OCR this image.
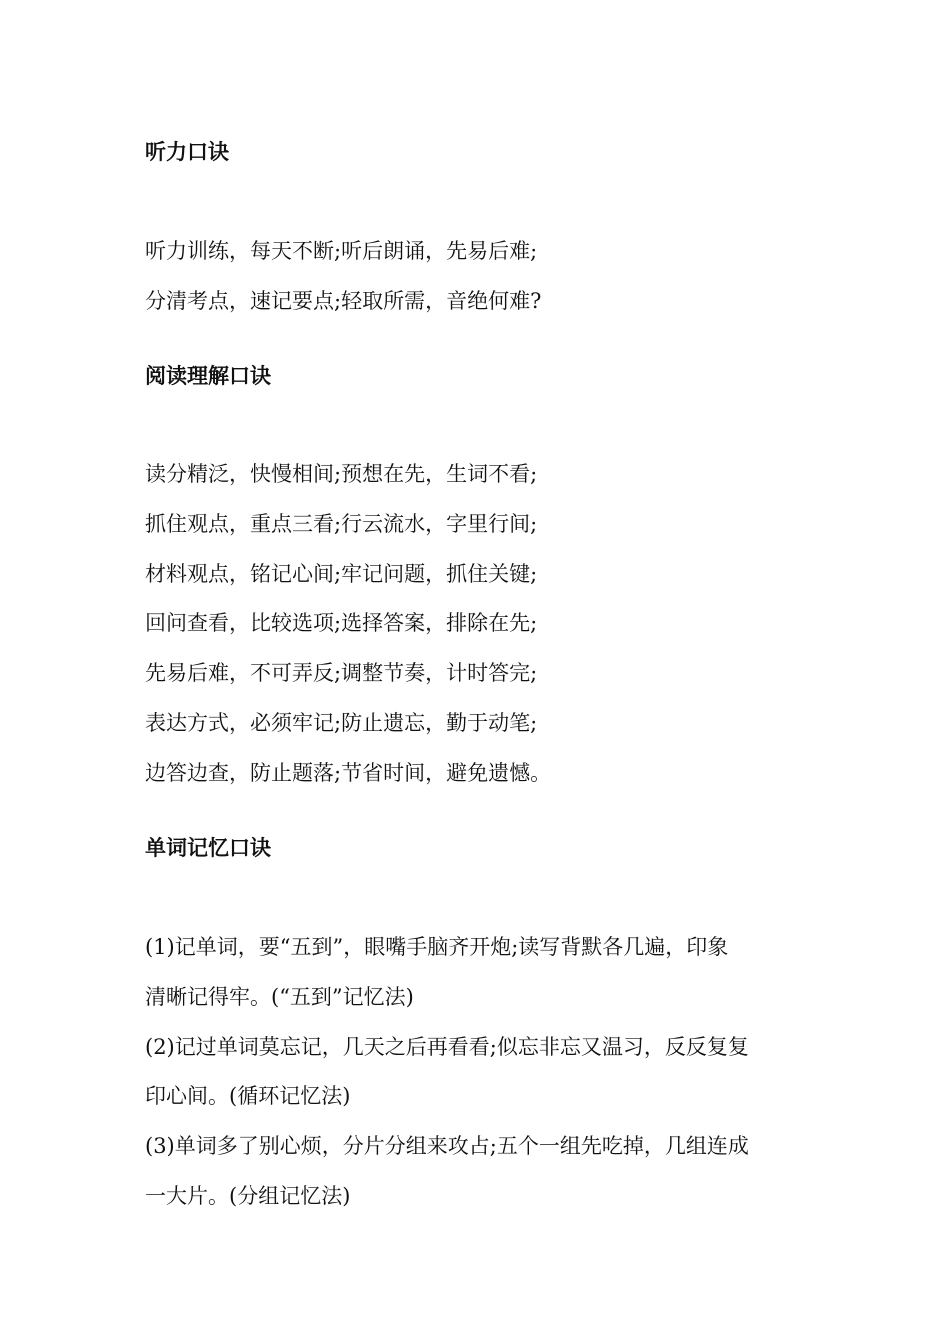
听力口诀

听力训练，每天不断;听后朗诵，先易后难;

分清考点，速记要点;轻取所需，音绝何难?

阅读理解口诀

读分精泛，快慢相间;预想在先，生词不看;

抓住观点，重点三看;行云流水，字里行间;

材料观点，铭记心间;牢记问题，抓住关键;

回问查看，比较选项;选择答案，排除在先;

先易后难，不可弄反;调整节奏，计时答完;

表达方式，必须牢记;防止遗忘，勤于动笔;

边答边查，防止题落;节省时间，避免遗憾。

单词记忆口诀

(1)记单词，要“五到”，眼嘴手脑齐开炮;读写背默各几遍，印象

清晰记得牢。(“五到”记忆法)

(2)记过单词莫忘记，几天之后再看看;似忘非忘又温习，反反复复

印心间。(循环记忆法)

(3)单词多了别心烦，分片分组来攻占;五个一组先吃掉，几组连成

一大片。(分组记忆法)
